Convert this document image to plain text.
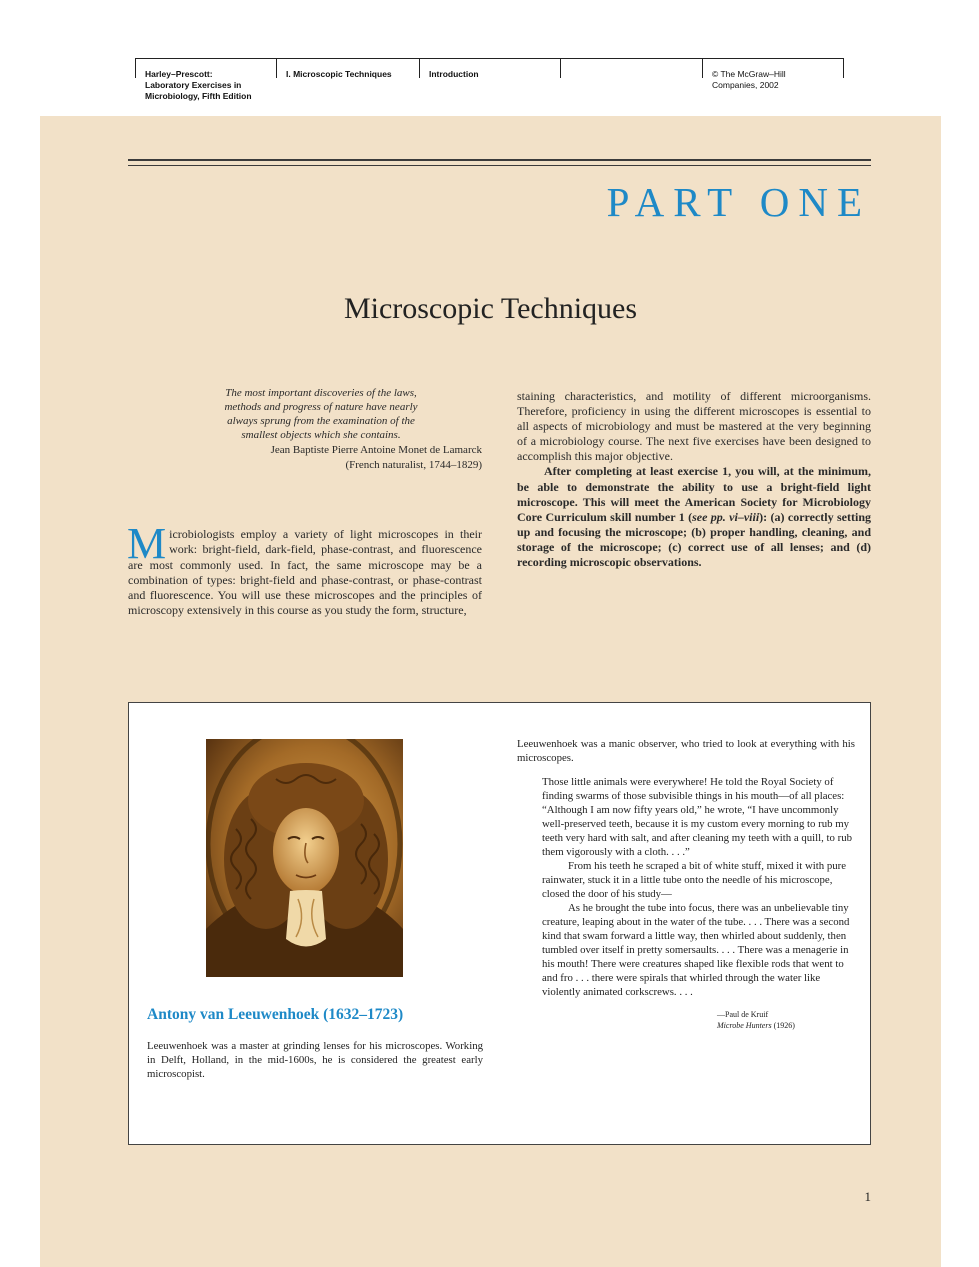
Harley–Prescott:
Laboratory Exercises in
Microbiology, Fifth Edition
I. Microscopic Techniques	Introduction	© The McGraw–Hill
Companies, 2002
PART ONE
Microscopic Techniques
The most important discoveries of the laws,
methods and progress of nature have nearly
always sprung from the examination of the
smallest objects which she contains.
Jean Baptiste Pierre Antoine Monet de Lamarck
(French naturalist, 1744–1829)
Microbiologists employ a variety of light microscopes in their work: bright-field, dark-field, phase-contrast, and fluorescence are most commonly used. In fact, the same microscope may be a combination of types: bright-field and phase-contrast, or phase-contrast and fluorescence. You will use these microscopes and the principles of microscopy extensively in this course as you study the form, structure,
staining characteristics, and motility of different microorganisms. Therefore, proficiency in using the different microscopes is essential to all aspects of microbiology and must be mastered at the very beginning of a microbiology course. The next five exercises have been designed to accomplish this major objective.
After completing at least exercise 1, you will, at the minimum, be able to demonstrate the ability to use a bright-field light microscope. This will meet the American Society for Microbiology Core Curriculum skill number 1 (see pp. vi–viii): (a) correctly setting up and focusing the microscope; (b) proper handling, cleaning, and storage of the microscope; (c) correct use of all lenses; and (d) recording microscopic observations.
Antony van Leeuwenhoek (1632–1723)
Leeuwenhoek was a master at grinding lenses for his microscopes. Working in Delft, Holland, in the mid-1600s, he is considered the greatest early microscopist.
Leeuwenhoek was a manic observer, who tried to look at everything with his microscopes.

Those little animals were everywhere! He told the Royal Society of finding swarms of those subvisible things in his mouth—of all places: “Although I am now fifty years old,” he wrote, “I have uncommonly well-preserved teeth, because it is my custom every morning to rub my teeth very hard with salt, and after cleaning my teeth with a quill, to rub them vigorously with a cloth. . . .”

From his teeth he scraped a bit of white stuff, mixed it with pure rainwater, stuck it in a little tube onto the needle of his microscope, closed the door of his study—

As he brought the tube into focus, there was an unbelievable tiny creature, leaping about in the water of the tube. . . . There was a second kind that swam forward a little way, then whirled about suddenly, then tumbled over itself in pretty somersaults. . . . There was a menagerie in his mouth! There were creatures shaped like flexible rods that went to and fro . . . there were spirals that whirled through the water like violently animated corkscrews. . . .

—Paul de Kruif
Microbe Hunters (1926)
1
